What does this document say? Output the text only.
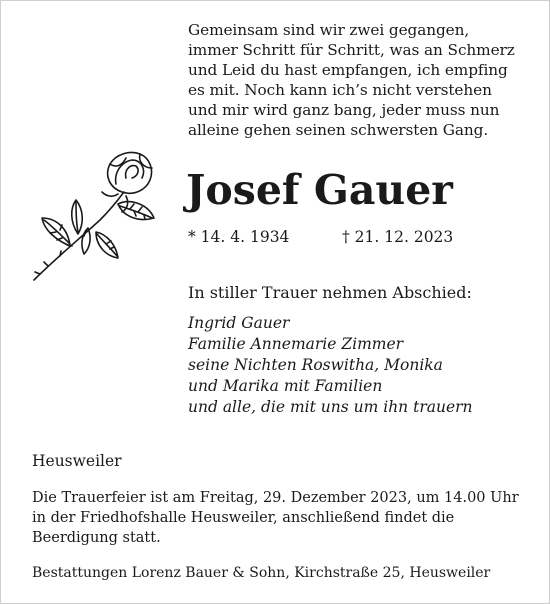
Gemeinsam sind wir zwei gegangen,
immer Schritt für Schritt, was an Schmerz
und Leid du hast empfangen, ich empfing
es mit. Noch kann ich’s nicht verstehen
und mir wird ganz bang, jeder muss nun
alleine gehen seinen schwersten Gang.
Josef Gauer
* 14. 4. 1934	† 21. 12. 2023
In stiller Trauer nehmen Abschied:
Ingrid Gauer
Familie Annemarie Zimmer
seine Nichten Roswitha, Monika
und Marika mit Familien
und alle, die mit uns um ihn trauern
Heusweiler
Die Trauerfeier ist am Freitag, 29. Dezember 2023, um 14.00 Uhr
in der Friedhofshalle Heusweiler, anschließend findet die
Beerdigung statt.
Bestattungen Lorenz Bauer & Sohn, Kirchstraße 25, Heusweiler
